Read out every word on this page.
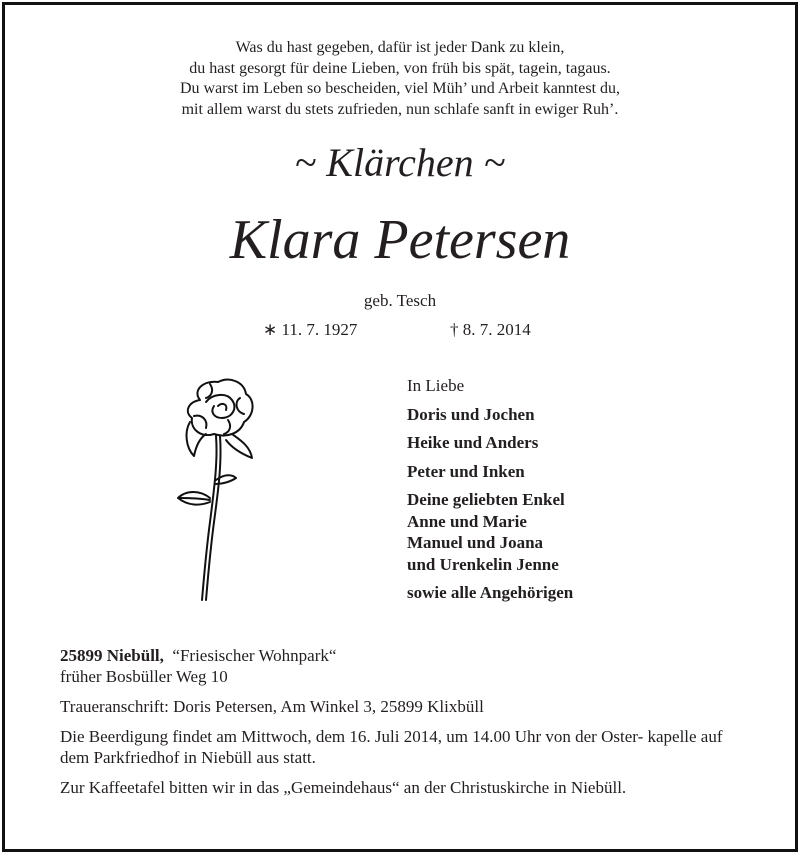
Was du hast gegeben, dafür ist jeder Dank zu klein,
du hast gesorgt für deine Lieben, von früh bis spät, tagein, tagaus.
Du warst im Leben so bescheiden, viel Müh’ und Arbeit kanntest du,
mit allem warst du stets zufrieden, nun schlafe sanft in ewiger Ruh’.
~ Klärchen ~
Klara Petersen
geb. Tesch
∗ 11. 7. 1927	† 8. 7. 2014
In Liebe
Doris und Jochen
Heike und Anders
Peter und Inken
Deine geliebten Enkel
Anne und Marie
Manuel und Joana
und Urenkelin Jenne
sowie alle Angehörigen

25899 Niebüll, “Friesischer Wohnpark“
früher Bosbüller Weg 10

Traueranschrift: Doris Petersen, Am Winkel 3, 25899 Klixbüll

Die Beerdigung findet am Mittwoch, dem 16. Juli 2014, um 14.00 Uhr von der Oster- kapelle auf dem Parkfriedhof in Niebüll aus statt.

Zur Kaffeetafel bitten wir in das „Gemeindehaus“ an der Christuskirche in Niebüll.
